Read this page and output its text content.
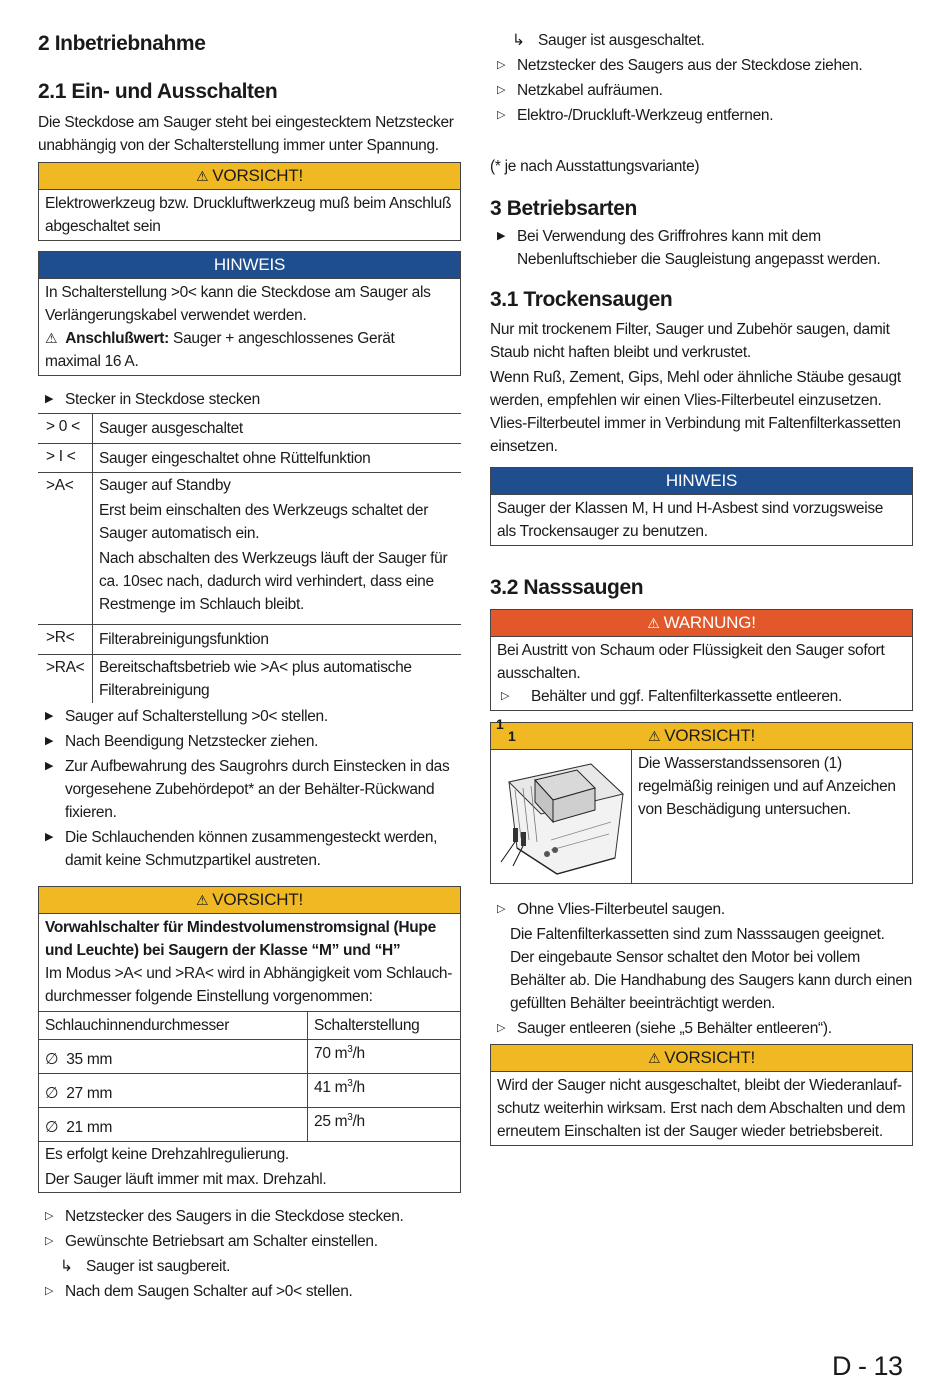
2 Inbetriebnahme
2.1 Ein- und Ausschalten

Die Steckdose am Sauger steht bei eingestecktem Netzstecker unabhängig von der Schalterstellung immer unter Spannung.

⚠ VORSICHT!
Elektrowerkzeug bzw. Druckluftwerkzeug muß beim Anschluß abgeschaltet sein
HINWEIS
In Schalterstellung >0< kann die Steckdose am Sauger als Verlängerungskabel verwendet werden.
⚠ Anschlußwert: Sauger + angeschlossenes Gerät maximal 16 A.
▶ Stecker in Steckdose stecken
> 0 <	Sauger ausgeschaltet
> I <	Sauger eingeschaltet ohne Rüttelfunktion
>A<	Sauger auf Standby
Erst beim einschalten des Werkzeugs schaltet der Sauger automatisch ein.
Nach abschalten des Werkzeugs läuft der Sauger für ca. 10sec nach, dadurch wird verhindert, dass eine Restmenge im Schlauch bleibt.

>R<	Filterabreinigungsfunktion
>RA<	Bereitschaftsbetrieb wie >A< plus automatische Filterabreinigung
▶ Sauger auf Schalterstellung >0< stellen.
▶ Nach Beendigung Netzstecker ziehen.
▶ Zur Aufbewahrung des Saugrohrs durch Einstecken in das vorgesehene Zubehördepot* an der Behälter-Rückwand fixieren.
▶ Die Schlauchenden können zusammengesteckt werden, damit keine Schmutzpartikel austreten.
⚠ VORSICHT!
Vorwahlschalter für Mindestvolumenstromsignal (Hupe und Leuchte) bei Saugern der Klasse “M” und “H”
Im Modus >A< und >RA< wird in Abhängigkeit vom Schlauchdurchmesser folgende Einstellung vorgenommen:
Schlauchinnendurchmesser	Schalterstellung
∅ 35 mm	70 $m^3/h$
∅ 27 mm	41 $m^3/h$
∅ 21 mm	25 $m^3/h$

Es erfolgt keine Drehzahlregulierung.
Der Sauger läuft immer mit max. Drehzahl.	
▷ Netzstecker des Saugers in die Steckdose stecken.
▷ Gewünschte Betriebsart am Schalter einstellen.
↳ Sauger ist saugbereit.
▷ Nach dem Saugen Schalter auf >0< stellen.
↳ Sauger ist ausgeschaltet.
▷ Netzstecker des Saugers aus der Steckdose ziehen.
▷ Netzkabel aufräumen.
▷ Elektro-/Druckluft-Werkzeug entfernen.

(* je nach Ausstattungsvariante)

3 Betriebsarten
▶ Bei Verwendung des Griffrohres kann mit dem Nebenluftschieber die Saugleistung angepasst werden.
3.1 Trockensaugen

Nur mit trockenem Filter, Sauger und Zubehör saugen, damit Staub nicht haften bleibt und verkrustet.

Wenn Ruß, Zement, Gips, Mehl oder ähnliche Stäube gesaugt werden, empfehlen wir einen Vlies-Filterbeutel einzusetzen.

Vlies-Filterbeutel immer in Verbindung mit Faltenfilterkassetten einsetzen.

HINWEIS
Sauger der Klassen M, H und H-Asbest sind vorzugsweise als Trockensauger zu benutzen.
3.2 Nasssaugen
⚠ WARNUNG!
Bei Austritt von Schaum oder Flüssigkeit den Sauger sofort ausschalten.
▷ Behälter und ggf. Faltenfilterkassette entleeren.
⚠ VORSICHT!
1
1
	Die Wasserstandssensoren (1) regelmäßig reinigen und auf Anzeichen von Beschädigung untersuchen.
▷ Ohne Vlies-Filterbeutel saugen.
Die Faltenfilterkassetten sind zum Nasssaugen geeignet.
Der eingebaute Sensor schaltet den Motor bei vollem Behälter ab. Die Handhabung des Saugers kann durch einen gefüllten Behälter beeinträchtigt werden.
▷ Sauger entleeren (siehe „5 Behälter entleeren“).
⚠ VORSICHT!
Wird der Sauger nicht ausgeschaltet, bleibt der Wiederanlaufschutz weiterhin wirksam. Erst nach dem Abschalten und dem erneutem Einschalten ist der Sauger wieder betriebsbereit.
D - 13
